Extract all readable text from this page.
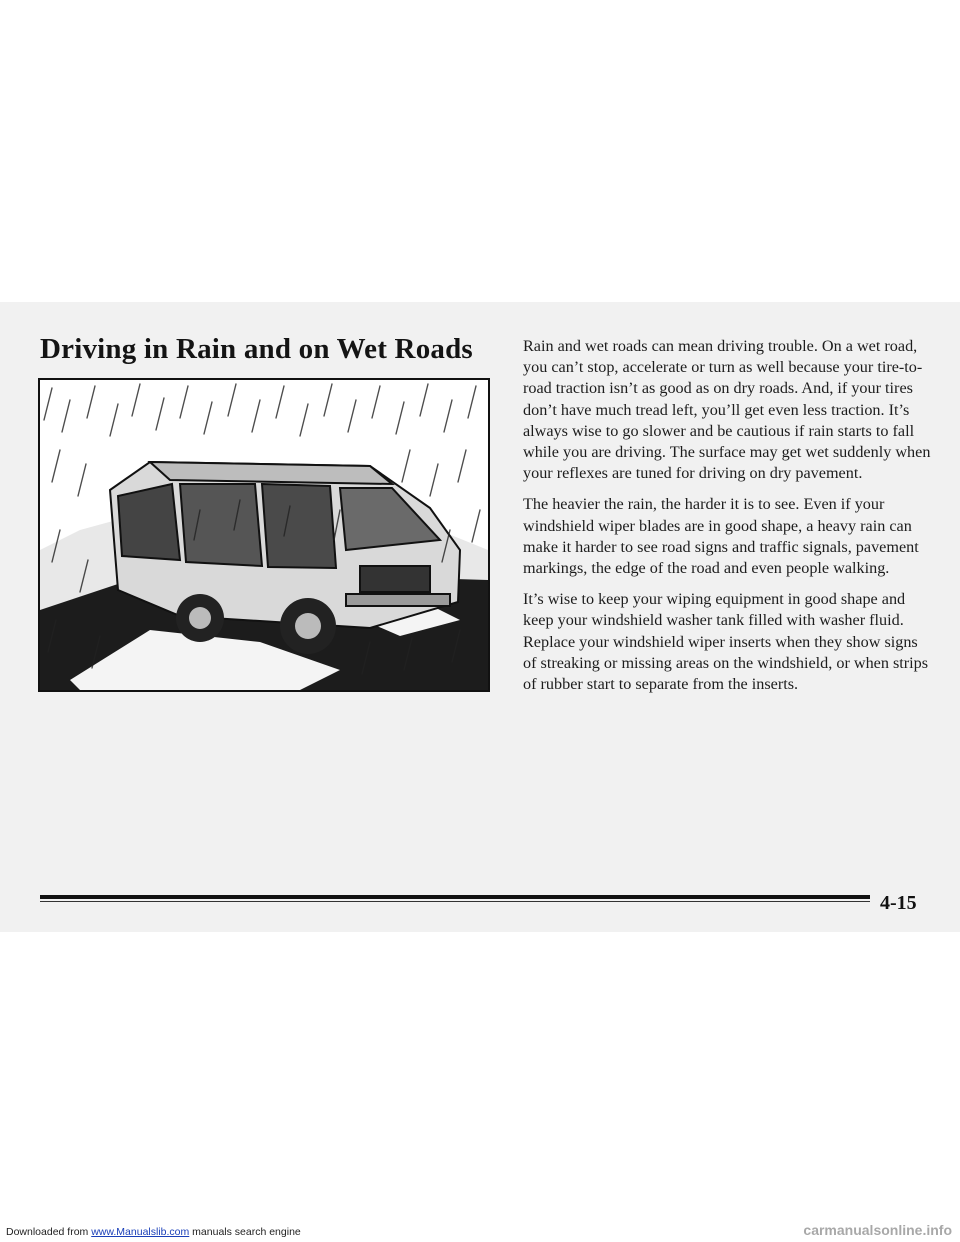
Driving in Rain and on Wet Roads	Rain and wet roads can mean driving trouble. On a wet road, you can’t stop, accelerate or turn as well because your tire-to-road traction isn’t as good as on dry roads. And, if your tires don’t have much tread left, you’ll get even less traction. It’s always wise to go slower and be cautious if rain starts to fall while you are driving. The surface may get wet suddenly when your reflexes are tuned for driving on dry pavement.

The heavier the rain, the harder it is to see. Even if your windshield wiper blades are in good shape, a heavy rain can make it harder to see road signs and traffic signals, pavement markings, the edge of the road and even people walking.

It’s wise to keep your wiping equipment in good shape and keep your windshield washer tank filled with washer fluid. Replace your windshield wiper inserts when they show signs of streaking or missing areas on the windshield, or when strips of rubber start to separate from the inserts.

4-15
Downloaded from www.Manualslib.com manuals search engine	carmanualsonline.info
